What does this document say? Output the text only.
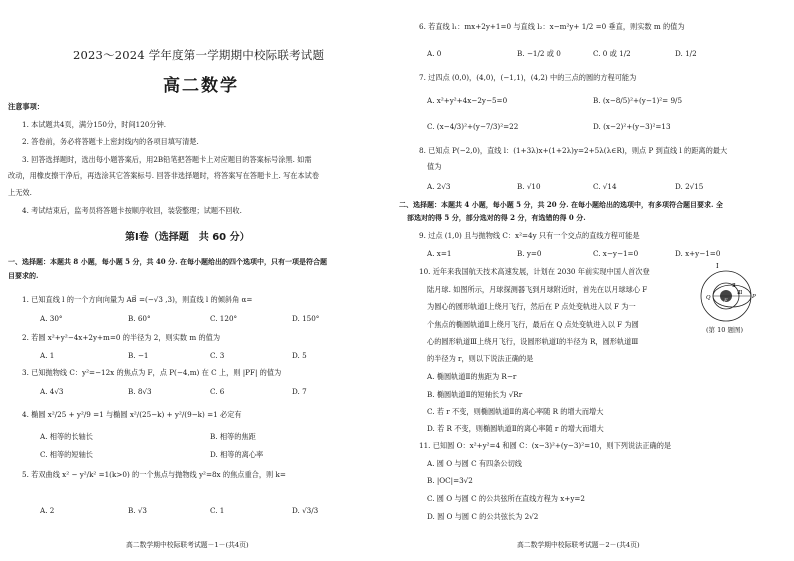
2023～2024 学年度第一学期期中校际联考试题
高二数学
注意事项：
1. 本试题共4页，满分150分，时间120分钟.
2. 答卷前，务必将答题卡上密封线内的各项目填写清楚.
3. 回答选择题时，选出每小题答案后，用2B铅笔把答题卡上对应题目的答案标号涂黑. 如需
改动，用橡皮擦干净后，再选涂其它答案标号. 回答非选择题时，将答案写在答题卡上. 写在本试卷
上无效.
4. 考试结束后，监考员将答题卡按顺序收回，装袋整理；试题不回收.
第Ⅰ卷（选择题　共 60 分）
一、选择题：本题共 8 小题，每小题 5 分，共 40 分. 在每小题给出的四个选项中，只有一项是符合题
目要求的.
1. 已知直线 l 的一个方向向量为 AB⃗ =(−√3 ,3)，则直线 l 的倾斜角 α=
A. 30°	B. 60°	C. 120°	D. 150°
2. 若圆 x²+y²−4x+2y+m=0 的半径为 2，则实数 m 的值为
A. 1	B. −1	C. 3	D. 5
3. 已知抛物线 C：y²=−12x 的焦点为 F，点 P(−4,m) 在 C 上，则 |PF| 的值为
A. 4√3	B. 8√3	C. 6	D. 7
4. 椭圆 x²/25 + y²/9 =1 与椭圆 x²/(25−k) + y²/(9−k) =1 必定有
A. 相等的长轴长	B. 相等的焦距
C. 相等的短轴长	D. 相等的离心率
5. 若双曲线 x² − y²/k² =1(k>0) 的一个焦点与抛物线 y²=8x 的焦点重合，则 k=
A. 2	B. √3	C. 1	D. √3/3
高二数学期中校际联考试题－1－(共4页)
6. 若直线 l₁：mx+2y+1=0 与直线 l₂：x−m²y+ 1/2 =0 垂直，则实数 m 的值为
A. 0	B. −1/2 或 0	C. 0 或 1/2	D. 1/2
7. 过四点 (0,0)，(4,0)，(−1,1)，(4,2) 中的三点的圆的方程可能为
A. x²+y²+4x−2y−5=0	B. (x−8/5)²+(y−1)²= 9/5
C. (x−4/3)²+(y−7/3)²=22	D. (x−2)²+(y−3)²=13
8. 已知点 P(−2,0)，直线 l：(1+3λ)x+(1+2λ)y=2+5λ(λ∈R)，则点 P 到直线 l 的距离的最大
值为
A. 2√3	B. √10	C. √14	D. 2√15
二、选择题：本题共 4 小题，每小题 5 分，共 20 分. 在每小题给出的选项中，有多项符合题目要求. 全
部选对的得 5 分，部分选对的得 2 分，有选错的得 0 分.
9. 过点 (1,0) 且与抛物线 C：x²=4y 只有一个交点的直线方程可能是
A. x=1	B. y=0	C. x−y−1=0	D. x+y−1=0
10. 近年来我国航天技术高速发展，计划在 2030 年前实现中国人首次登
陆月球. 如图所示，月球探测器飞到月球附近时，首先在以月球球心 F
为圆心的圆形轨道Ⅰ上绕月飞行，然后在 P 点处变轨进入以 F 为一
个焦点的椭圆轨道Ⅱ上绕月飞行，最后在 Q 点处变轨进入以 F 为圆
心的圆形轨道Ⅲ上绕月飞行，设圆形轨道Ⅰ的半径为 R，圆形轨道Ⅲ
的半径为 r，则以下说法正确的是
Ⅰ
Ⅱ
Ⅲ
Q	F
P
(第 10 题图)
A. 椭圆轨道Ⅱ的焦距为 R−r
B. 椭圆轨道Ⅱ的短轴长为 √Rr
C. 若 r 不变，则椭圆轨道Ⅱ的离心率随 R 的增大而增大
D. 若 R 不变，则椭圆轨道Ⅱ的离心率随 r 的增大而增大
11. 已知圆 O：x²+y²=4 和圆 C：(x−3)²+(y−3)²=10，则下列说法正确的是
A. 圆 O 与圆 C 有四条公切线
B. |OC|=3√2
C. 圆 O 与圆 C 的公共弦所在直线方程为 x+y=2
D. 圆 O 与圆 C 的公共弦长为 2√2
高二数学期中校际联考试题－2－(共4页)
